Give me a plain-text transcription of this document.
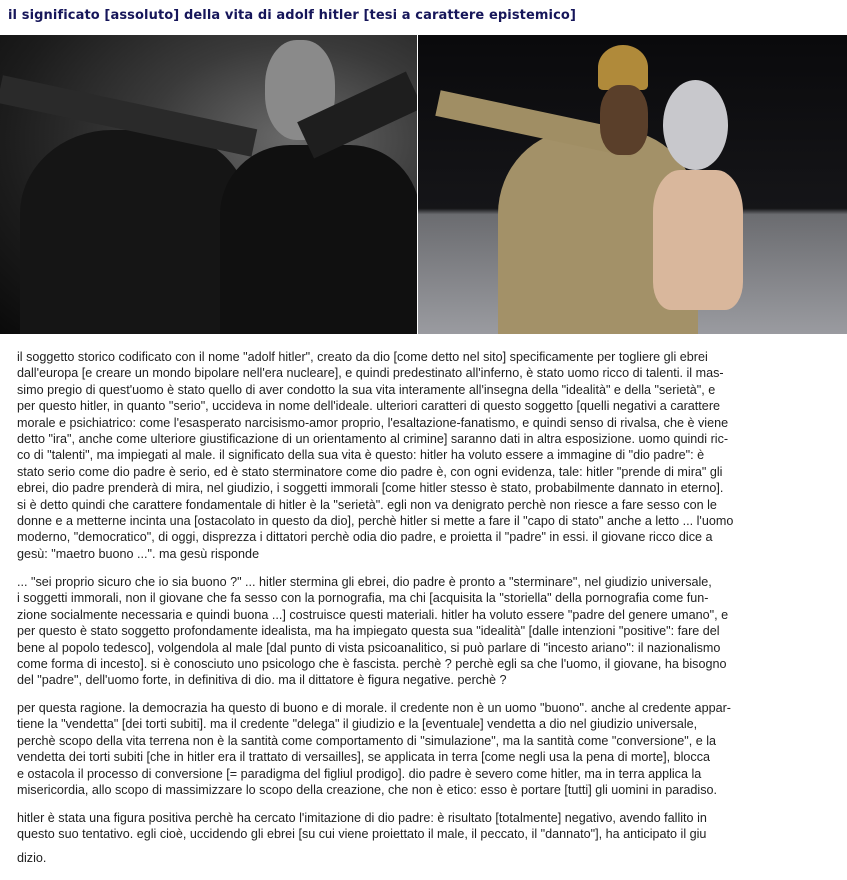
il significato [assoluto] della vita di adolf hitler [tesi a carattere epistemico]
il soggetto storico codificato con il nome "adolf hitler", creato da dio [come detto nel sito] specificamente per togliere gli ebrei
dall'europa [e creare un mondo bipolare nell'era nucleare], e quindi predestinato all'inferno, è stato uomo ricco di talenti. il mas-
simo pregio di quest'uomo è stato quello di aver condotto la sua vita interamente all'insegna della "idealità" e della "serietà", e
per questo hitler, in quanto "serio", uccideva in nome dell'ideale. ulteriori caratteri di questo soggetto [quelli negativi a carattere
morale e psichiatrico: come l'esasperato narcisismo-amor proprio, l'esaltazione-fanatismo, e quindi senso di rivalsa, che è viene
detto "ira", anche come ulteriore giustificazione di un orientamento al crimine] saranno dati in altra esposizione. uomo quindi ric-
co di "talenti", ma impiegati al male. il significato della sua vita è questo: hitler ha voluto essere a immagine di "dio padre": è
stato serio come dio padre è serio, ed è stato sterminatore come dio padre è, con ogni evidenza, tale: hitler "prende di mira" gli
ebrei, dio padre prenderà di mira, nel giudizio, i soggetti immorali [come hitler stesso è stato, probabilmente dannato in eterno].
si è detto quindi che carattere fondamentale di hitler è la "serietà". egli non va denigrato perchè non riesce a fare sesso con le
donne e a metterne incinta una [ostacolato in questo da dio], perchè hitler si mette a fare il "capo di stato" anche a letto ... l'uomo
moderno, "democratico", di oggi, disprezza i dittatori perchè odia dio padre, e proietta il "padre" in essi. il giovane ricco dice a
gesù: "maetro buono ...". ma gesù risponde
... "sei proprio sicuro che io sia buono ?" ... hitler stermina gli ebrei, dio padre è pronto a "sterminare", nel giudizio universale,
i soggetti immorali, non il giovane che fa sesso con la pornografia, ma chi [acquisita la "storiella" della pornografia come fun-
zione socialmente necessaria e quindi buona ...] costruisce questi materiali. hitler ha voluto essere "padre del genere umano", e
per questo è stato soggetto profondamente idealista, ma ha impiegato questa sua "idealità" [dalle intenzioni "positive": fare del
bene al popolo tedesco], volgendola al male [dal punto di vista psicoanalitico, si può parlare di "incesto ariano": il nazionalismo
come forma di incesto]. si è conosciuto uno psicologo che è fascista. perchè ? perchè egli sa che l'uomo, il giovane, ha bisogno
del "padre", dell'uomo forte, in definitiva di dio. ma il dittatore è figura negative. perchè ?
per questa ragione. la democrazia ha questo di buono e di morale. il credente non è un uomo "buono". anche al credente appar-
tiene la "vendetta" [dei torti subiti]. ma il credente "delega" il giudizio e la [eventuale] vendetta a dio nel giudizio universale,
perchè scopo della vita terrena non è la santità come comportamento di "simulazione", ma la santità come "conversione", e la
vendetta dei torti subiti [che in hitler era il trattato di versailles], se applicata in terra [come negli usa la pena di morte], blocca
e ostacola il processo di conversione [= paradigma del figliul prodigo]. dio padre è severo come hitler, ma in terra applica la
misericordia, allo scopo di massimizzare lo scopo della creazione, che non è etico: esso è portare [tutti] gli uomini in paradiso.
hitler è stata una figura positiva perchè ha cercato l'imitazione di dio padre: è risultato [totalmente] negativo, avendo fallito in
questo suo tentativo. egli cioè, uccidendo gli ebrei [su cui viene proiettato il male, il peccato, il "dannato"], ha anticipato il giu
dizio.
